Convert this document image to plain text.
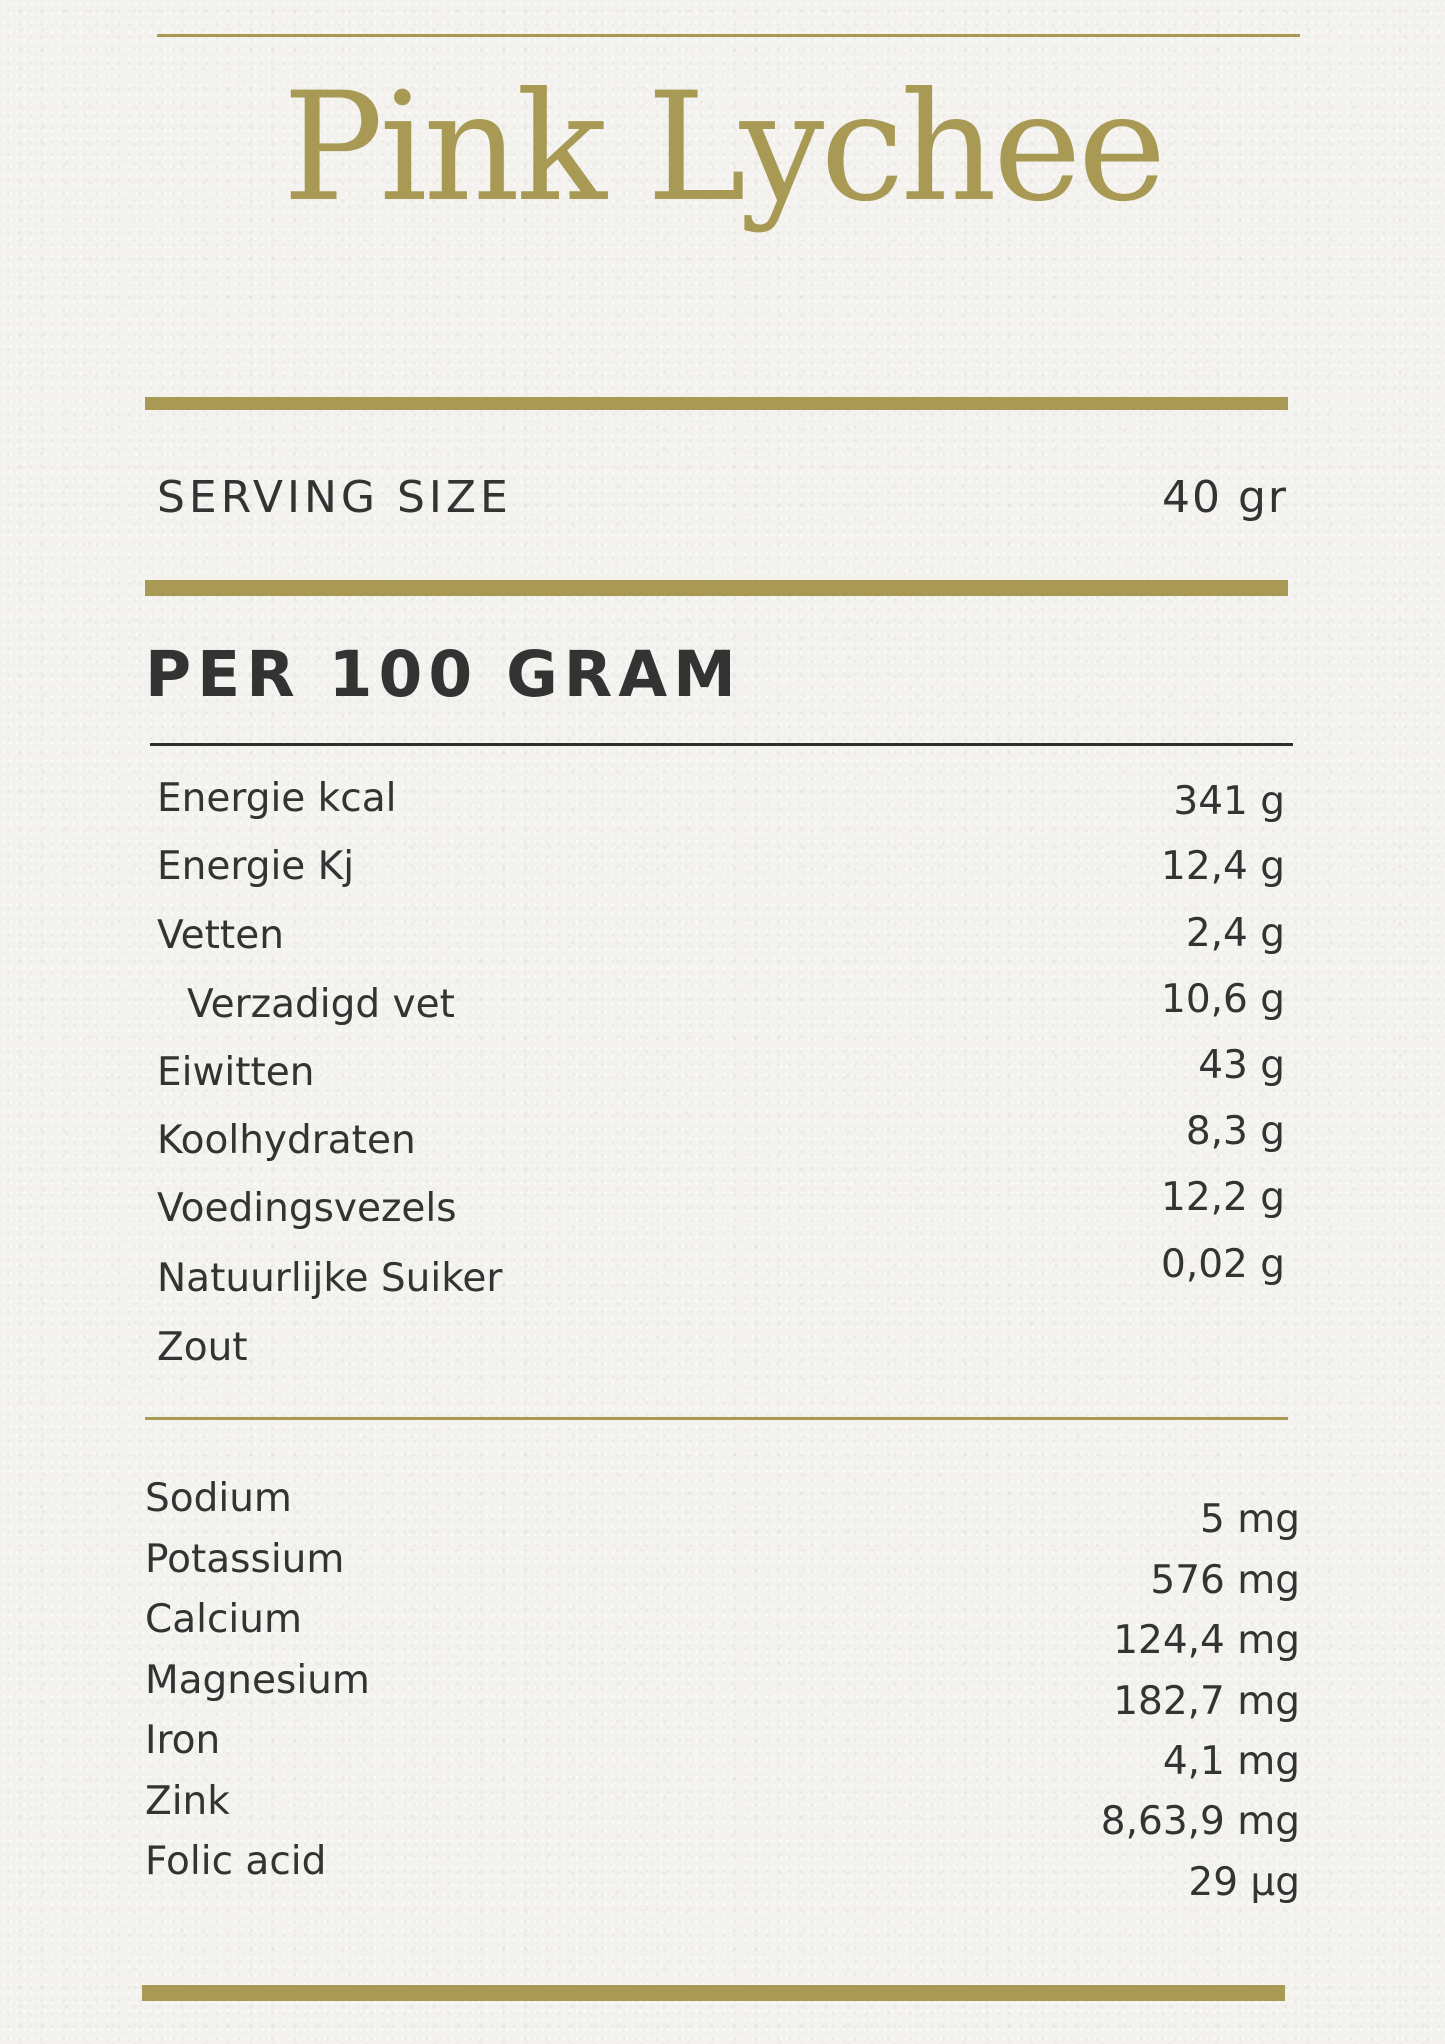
Pink Lychee
SERVING SIZE	40 gr
PER 100 GRAM
Energie kcal	341 g
Energie Kj	12,4 g
Vetten	2,4 g
Verzadigd vet	10,6 g
Eiwitten	43 g
Koolhydraten	8,3 g
Voedingsvezels	12,2 g
Natuurlijke Suiker	0,02 g
Zout
Sodium	5 mg
Potassium	576 mg
Calcium	124,4 mg
Magnesium	182,7 mg
Iron	4,1 mg
Zink	8,63,9 mg
Folic acid	29 µg
